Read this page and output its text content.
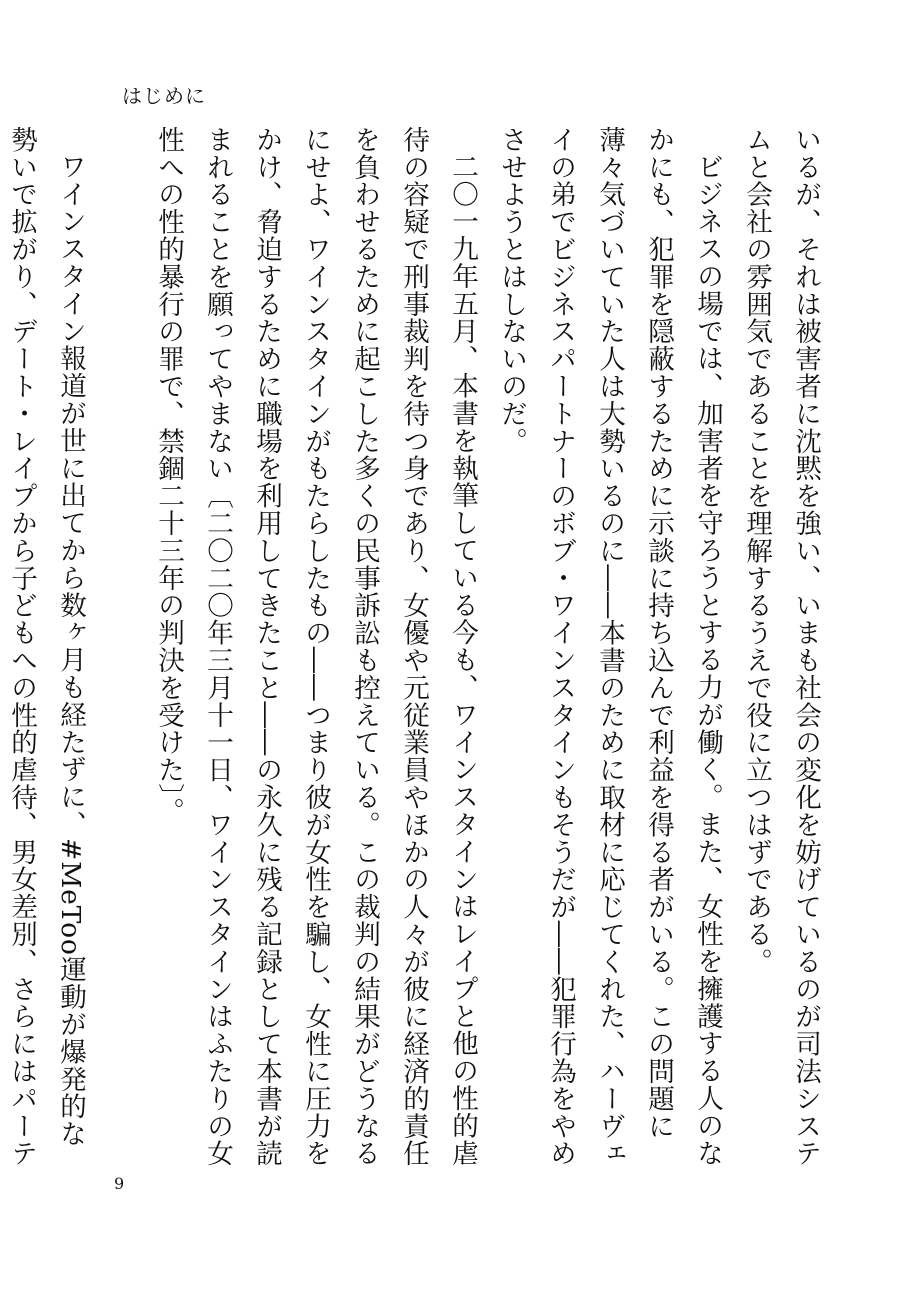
はじめに

いるが、それは被害者に沈黙を強い、いまも社会の変化を妨げているのが司法システムと会社の雰囲気であることを理解するうえで役に立つはずである。

ビジネスの場では、加害者を守ろうとする力が働く。また、女性を擁護する人のなかにも、犯罪を隠蔽するために示談に持ち込んで利益を得る者がいる。この問題に薄々気づいていた人は大勢いるのに――本書のために取材に応じてくれた、ハーヴェイの弟でビジネスパートナーのボブ・ワインスタインもそうだが――犯罪行為をやめさせようとはしないのだ。

二〇一九年五月、本書を執筆している今も、ワインスタインはレイプと他の性的虐待の容疑で刑事裁判を待つ身であり、女優や元従業員やほかの人々が彼に経済的責任を負わせるために起こした多くの民事訴訟も控えている。この裁判の結果がどうなるにせよ、ワインスタインがもたらしたもの――つまり彼が女性を騙し、女性に圧力をかけ、脅迫するために職場を利用してきたこと――の永久に残る記録として本書が読まれることを願ってやまない〔二〇二〇年三月十一日、ワインスタインはふたりの女性への性的暴行の罪で、禁錮二十三年の判決を受けた〕。

ワインスタイン報道が世に出てから数ヶ月も経たずに、#MeToo運動が爆発的な勢いで拡がり、デート・レイプから子どもへの性的虐待、男女差別、さらにはパーテ

9
